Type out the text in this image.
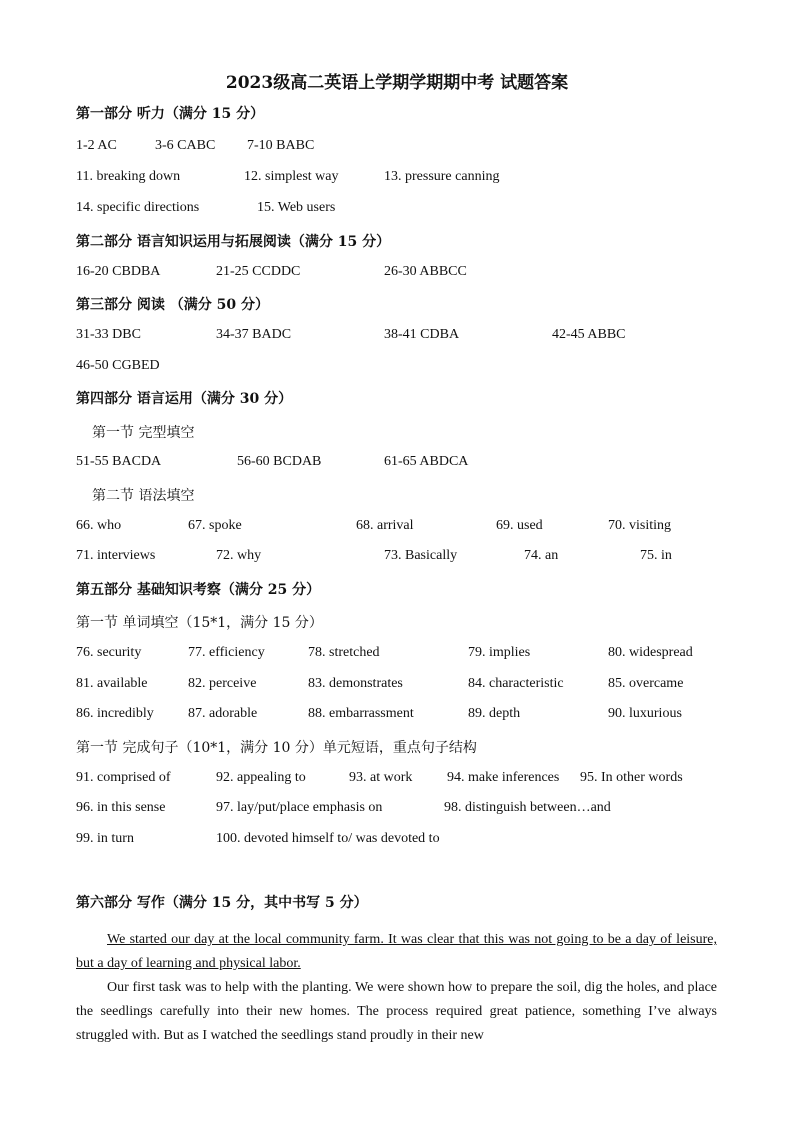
2023级高二英语上学期学期期中考 试题答案
第一部分 听力（满分 15 分）
1-2 AC	3-6 CABC 7-10 BABC
11. breaking down	12. simplest way	13. pressure canning
14. specific directions	15. Web users
第二部分 语言知识运用与拓展阅读（满分 15 分）
16-20 CBDBA	21-25 CCDDC	26-30 ABBCC
第三部分 阅读 （满分 50 分）
31-33 DBC	34-37 BADC	38-41 CDBA	42-45 ABBC
46-50 CGBED
第四部分 语言运用（满分 30 分）
第一节 完型填空
51-55 BACDA	56-60 BCDAB	61-65 ABDCA
第二节 语法填空
66. who	67. spoke	68. arrival	69. used	70. visiting
71. interviews	72. why	73. Basically	74. an	75. in
第五部分 基础知识考察（满分 25 分）
第一节 单词填空（15*1，满分 15 分）
76. security	77. efficiency	78. stretched	79. implies	80. widespread
81. available	82. perceive	83. demonstrates	84. characteristic	85. overcame
86. incredibly 87. adorable	88. embarrassment	89. depth	90. luxurious
第一节 完成句子（10*1，满分 10 分）单元短语，重点句子结构
91. comprised of	92. appealing to	93. at work 94. make inferences 95. In other words
96. in this sense	97. lay/put/place emphasis on	98. distinguish between…and
99. in turn	100. devoted himself to/ was devoted to
第六部分 写作（满分 15 分，其中书写 5 分）

We started our day at the local community farm. It was clear that this was not going to be a day of leisure, but a day of learning and physical labor.

Our first task was to help with the planting. We were shown how to prepare the soil, dig the holes, and place the seedlings carefully into their new homes. The process required great patience, something I’ve always struggled with. But as I watched the seedlings stand proudly in their new
